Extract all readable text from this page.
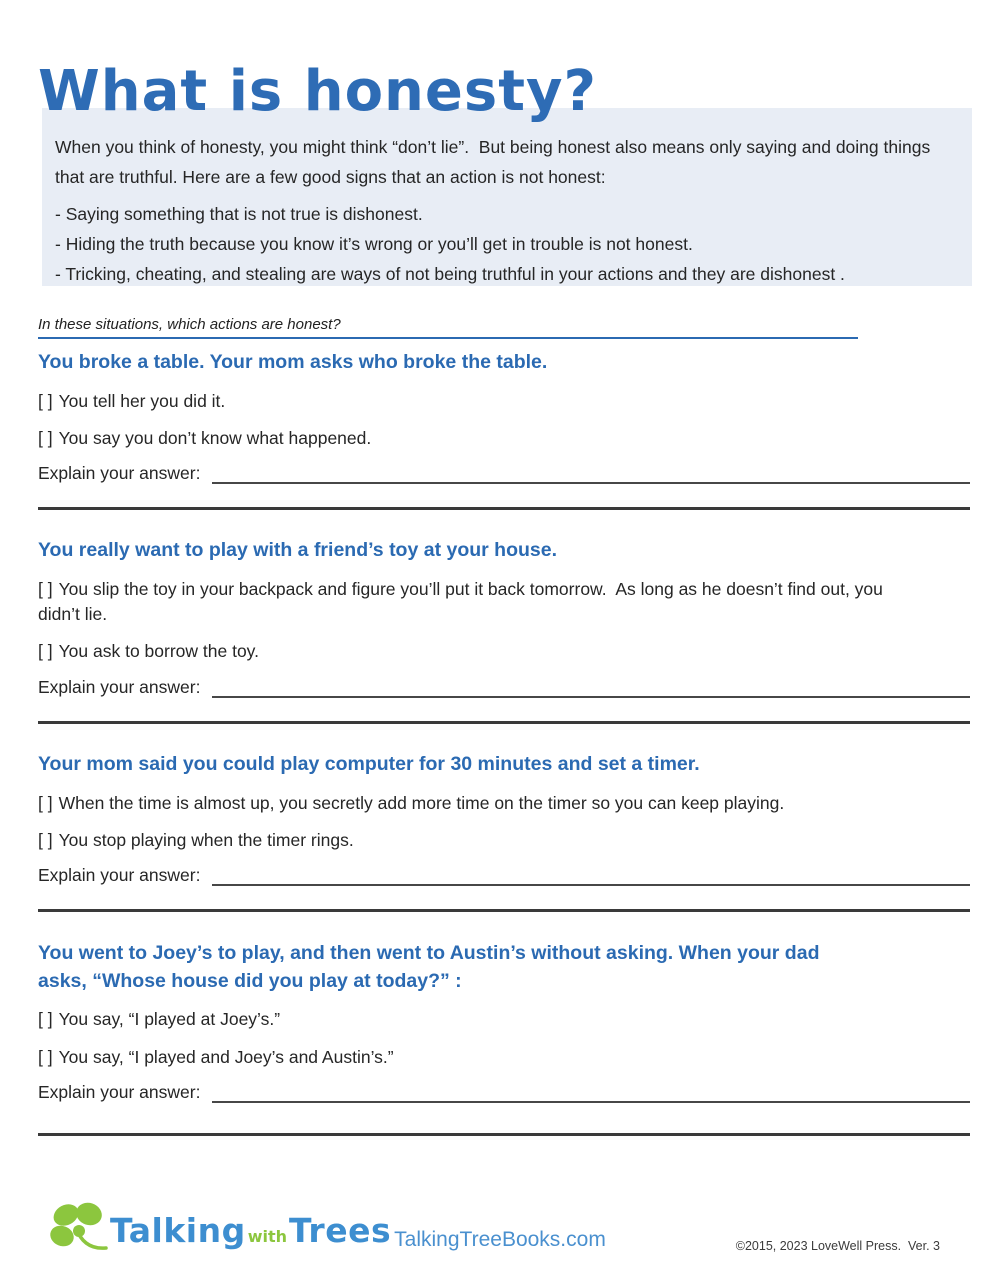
What is honesty?

When you think of honesty, you might think “don’t lie”.  But being honest also means only saying and doing things that are truthful. Here are a few good signs that an action is not honest:

- Saying something that is not true is dishonest.

- Hiding the truth because you know it’s wrong or you’ll get in trouble is not honest.

- Tricking, cheating, and stealing are ways of not being truthful in your actions and they are dishonest .

In these situations, which actions are honest?
You broke a table. Your mom asks who broke the table.
[ ] You tell her you did it.
[ ] You say you don’t know what happened.
Explain your answer:
You really want to play with a friend’s toy at your house.
[ ] You slip the toy in your backpack and figure you’ll put it back tomorrow.  As long as he doesn’t find out, you didn’t lie.
[ ] You ask to borrow the toy.
Explain your answer:
Your mom said you could play computer for 30 minutes and set a timer.
[ ] When the time is almost up, you secretly add more time on the timer so you can keep playing.
[ ] You stop playing when the timer rings.
Explain your answer:
You went to Joey’s to play, and then went to Austin’s without asking. When your dad asks, “Whose house did you play at today?” :
[ ] You say, “I played at Joey’s.”
[ ] You say, “I played and Joey’s and Austin’s.”
Explain your answer:
Talking with Trees TalkingTreeBooks.com	©2015, 2023 LoveWell Press.  Ver. 3
